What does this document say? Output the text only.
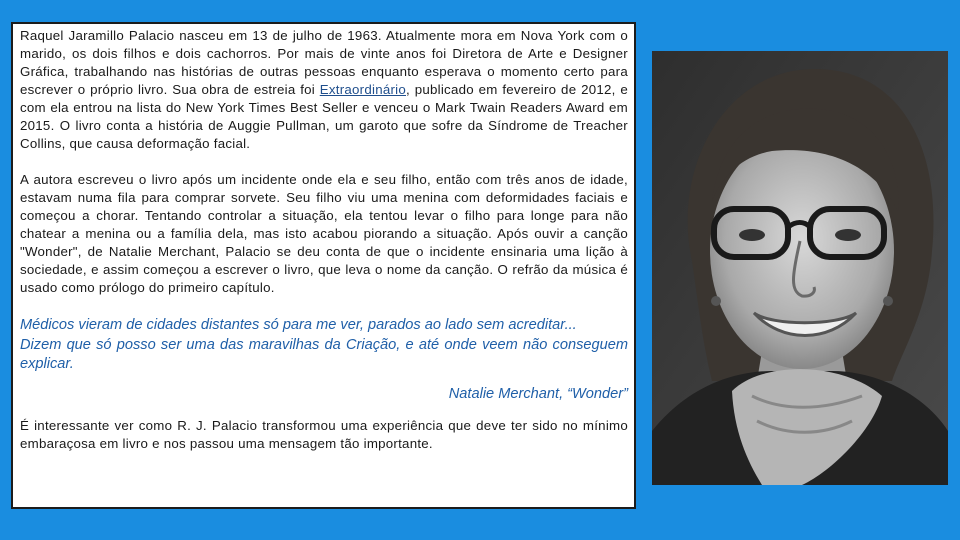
Raquel Jaramillo Palacio nasceu em 13 de julho de 1963. Atualmente mora em Nova York com o marido, os dois filhos e dois cachorros. Por mais de vinte anos foi Diretora de Arte e Designer Gráfica, trabalhando nas histórias de outras pessoas enquanto esperava o momento certo para escrever o próprio livro. Sua obra de estreia foi Extraordinário, publicado em fevereiro de 2012, e com ela entrou na lista do New York Times Best Seller e venceu o Mark Twain Readers Award em 2015. O livro conta a história de Auggie Pullman, um garoto que sofre da Síndrome de Treacher Collins, que causa deformação facial.

A autora escreveu o livro após um incidente onde ela e seu filho, então com três anos de idade, estavam numa fila para comprar sorvete. Seu filho viu uma menina com deformidades faciais e começou a chorar. Tentando controlar a situação, ela tentou levar o filho para longe para não chatear a menina ou a família dela, mas isto acabou piorando a situação. Após ouvir a canção "Wonder", de Natalie Merchant, Palacio se deu conta de que o incidente ensinaria uma lição à sociedade, e assim começou a escrever o livro, que leva o nome da canção. O refrão da música é usado como prólogo do primeiro capítulo.

Médicos vieram de cidades distantes só para me ver, parados ao lado sem acreditar...

Dizem que só posso ser uma das maravilhas da Criação, e até onde veem não conseguem explicar.

Natalie Merchant, “Wonder”

É interessante ver como R. J. Palacio transformou uma experiência que deve ter sido no mínimo embaraçosa em livro e nos passou uma mensagem tão importante.
